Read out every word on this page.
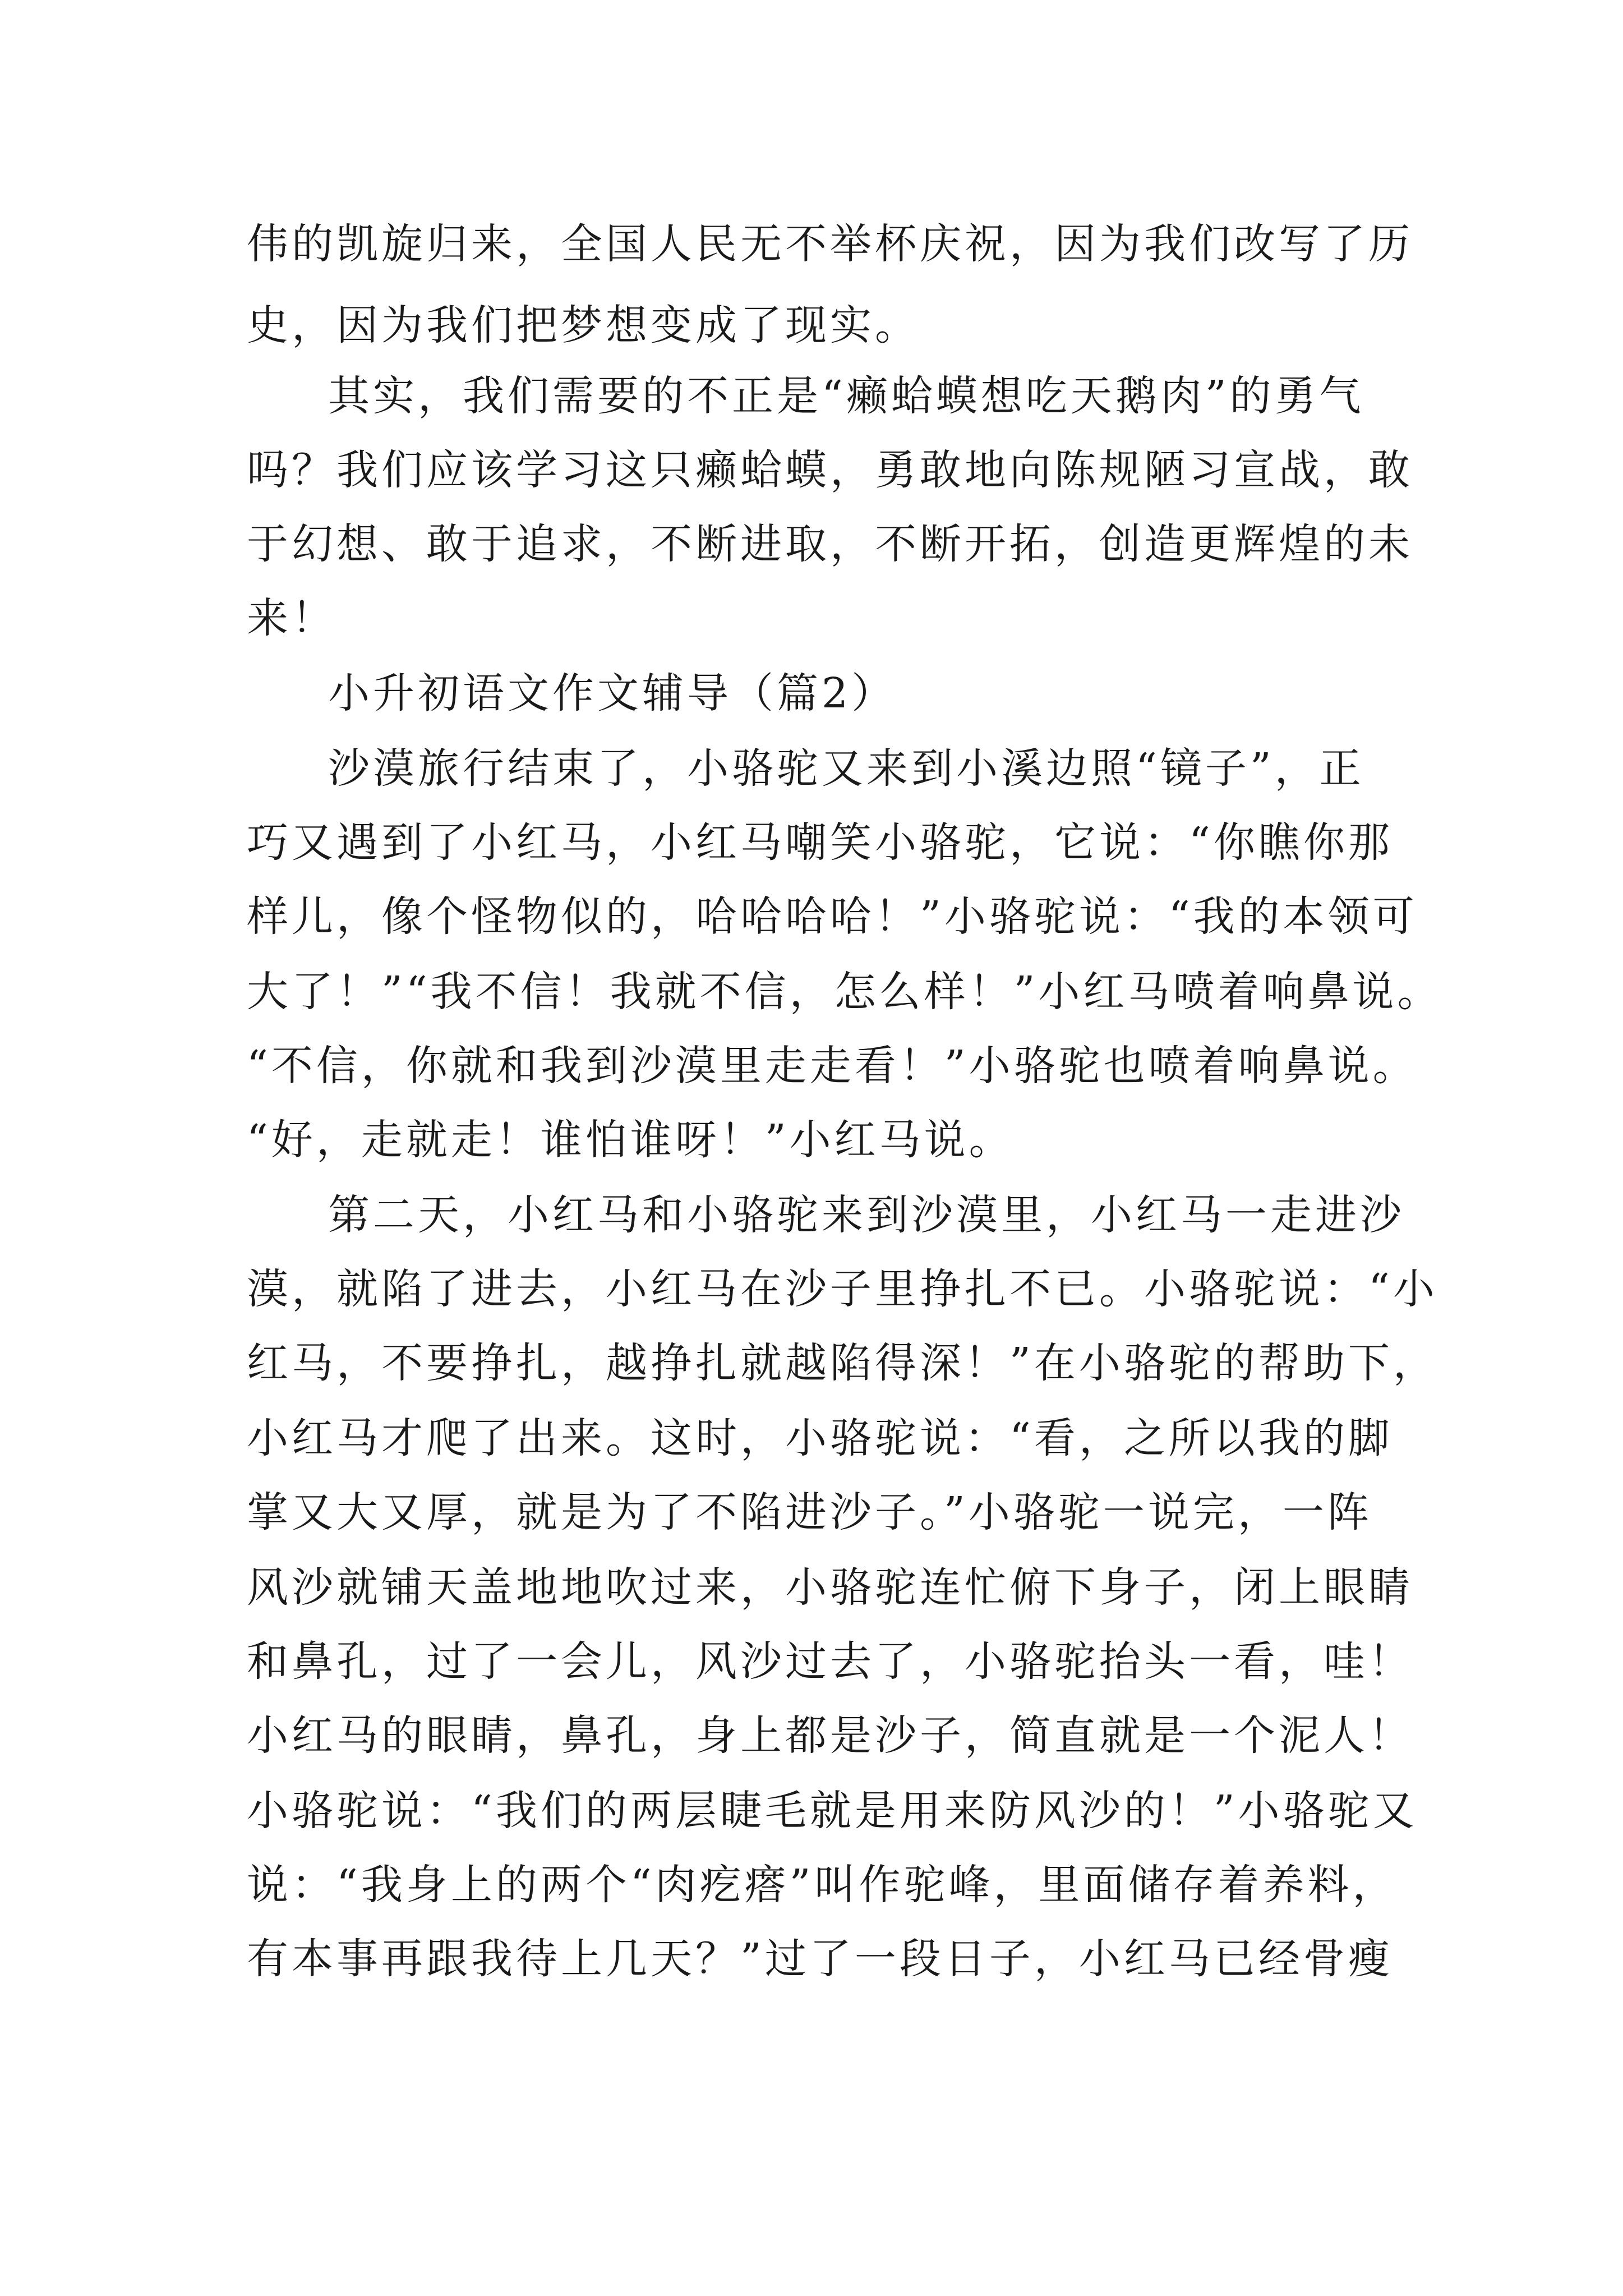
伟的凯旋归来，全国人民无不举杯庆祝，因为我们改写了历
史，因为我们把梦想变成了现实。
其实，我们需要的不正是“癞蛤蟆想吃天鹅肉”的勇气
吗？我们应该学习这只癞蛤蟆，勇敢地向陈规陋习宣战，敢
于幻想、敢于追求，不断进取，不断开拓，创造更辉煌的未
来！
小升初语文作文辅导（篇2）
沙漠旅行结束了，小骆驼又来到小溪边照“镜子”，正
巧又遇到了小红马，小红马嘲笑小骆驼，它说：“你瞧你那
样儿，像个怪物似的，哈哈哈哈！”小骆驼说：“我的本领可
大了！”“我不信！我就不信，怎么样！”小红马喷着响鼻说。
“不信，你就和我到沙漠里走走看！”小骆驼也喷着响鼻说。
“好，走就走！谁怕谁呀！”小红马说。
第二天，小红马和小骆驼来到沙漠里，小红马一走进沙
漠，就陷了进去，小红马在沙子里挣扎不已。小骆驼说：“小
红马，不要挣扎，越挣扎就越陷得深！”在小骆驼的帮助下，
小红马才爬了出来。这时，小骆驼说：“看，之所以我的脚
掌又大又厚，就是为了不陷进沙子。”小骆驼一说完，一阵
风沙就铺天盖地地吹过来，小骆驼连忙俯下身子，闭上眼睛
和鼻孔，过了一会儿，风沙过去了，小骆驼抬头一看，哇！
小红马的眼睛，鼻孔，身上都是沙子，简直就是一个泥人！
小骆驼说：“我们的两层睫毛就是用来防风沙的！”小骆驼又
说：“我身上的两个“肉疙瘩”叫作驼峰，里面储存着养料，
有本事再跟我待上几天？”过了一段日子，小红马已经骨瘦
